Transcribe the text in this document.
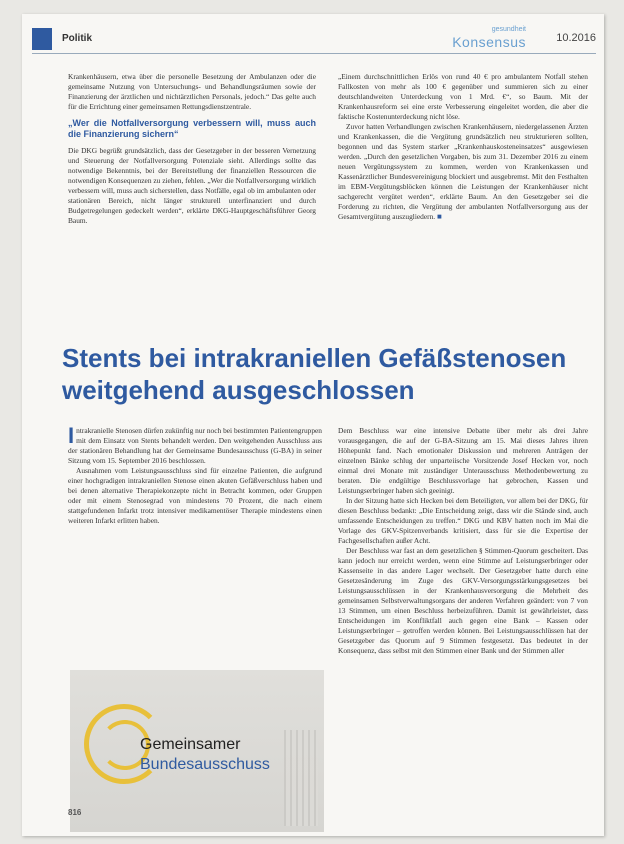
Politik
gesundheit
Konsensus	10.2016

Krankenhäusern, etwa über die personelle Besetzung der Ambulanzen oder die gemeinsame Nutzung von Untersuchungs- und Behandlungsräumen sowie der Finanzierung der ärztlichen und nichtärztlichen Personals, jedoch.“ Das gelte auch für die Errichtung einer gemeinsamen Rettungsdienstzentrale.

„Wer die Notfallversorgung verbessern will, muss auch die Finanzierung sichern“

Die DKG begrüßt grundsätzlich, dass der Gesetzgeber in der besseren Vernetzung und Steuerung der Notfallversorgung Potenziale sieht. Allerdings sollte das notwendige Bekenntnis, bei der Bereitstellung der finanziellen Ressourcen die notwendigen Konsequenzen zu ziehen, fehlen. „Wer die Notfallversorgung wirklich verbessern will, muss auch sicherstellen, dass Notfälle, egal ob im ambulanten oder stationären Bereich, nicht länger strukturell unterfinanziert und durch Budgetregelungen gedeckelt werden“, erklärte DKG-Hauptgeschäftsführer Georg Baum.

„Einem durchschnittlichen Erlös von rund 40 € pro ambulantem Notfall stehen Fallkosten von mehr als 100 € gegenüber und summieren sich zu einer deutschlandweiten Unterdeckung von 1 Mrd. €“, so Baum. Mit der Krankenhausreform sei eine erste Verbesserung eingeleitet worden, die aber die faktische Kostenunterdeckung nicht löse.

Zuvor hatten Verhandlungen zwischen Krankenhäusern, niedergelassenen Ärzten und Krankenkassen, die die Vergütung grundsätzlich neu strukturieren sollten, begonnen und das System starker „Krankenhauskosteneinsatzes“ ausgewiesen werden. „Durch den gesetzlichen Vorgaben, bis zum 31. Dezember 2016 zu einem neuen Vergütungssystem zu kommen, werden von Krankenkassen und Kassenärztlicher Bundesvereinigung blockiert und ausgebremst. Mit den Festhalten im EBM-Vergütungsblöcken können die Leistungen der Krankenhäuser nicht sachgerecht vergütet werden“, erklärte Baum. An den Gesetzgeber sei die Forderung zu richten, die Vergütung der ambulanten Notfallversorgung aus der Gesamtvergütung auszugliedern. ■

Stents bei intrakraniellen Gefäßstenosen weitgehend ausgeschlossen

Intrakranielle Stenosen dürfen zukünftig nur noch bei bestimmten Patientengruppen mit dem Einsatz von Stents behandelt werden. Den weitgehenden Ausschluss aus der stationären Behandlung hat der Gemeinsame Bundesausschuss (G-BA) in seiner Sitzung vom 15. September 2016 beschlossen.

Ausnahmen vom Leistungsausschluss sind für einzelne Patienten, die aufgrund einer hochgradigen intrakraniellen Stenose einen akuten Gefäßverschluss haben und bei denen alternative Therapiekonzepte nicht in Betracht kommen, oder Gruppen oder mit einem Stenosegrad von mindestens 70 Prozent, die nach einem stattgefundenen Infarkt trotz intensiver medikamentöser Therapie mindestens einen weiteren Infarkt erlitten haben.

Gemeinsamer
Bundesausschuss

Dem Beschluss war eine intensive Debatte über mehr als drei Jahre vorausgegangen, die auf der G-BA-Sitzung am 15. Mai dieses Jahres ihren Höhepunkt fand. Nach emotionaler Diskussion und mehreren Anträgen der einzelnen Bänke schlug der unparteiische Vorsitzende Josef Hecken vor, noch einmal drei Monate mit zuständiger Unterausschuss Methodenbewertung zu beraten. Die endgültige Beschlussvorlage hat gebrochen, Kassen und Leistungserbringer haben sich geeinigt.

In der Sitzung hatte sich Hecken bei dem Beteiligten, vor allem bei der DKG, für diesen Beschluss bedankt: „Die Entscheidung zeigt, dass wir die Stände sind, auch umfassende Entscheidungen zu treffen.“ DKG und KBV hatten noch im Mai die Vorlage des GKV-Spitzenverbands kritisiert, dass für sie die Expertise der Fachgesellschaften außer Acht.

Der Beschluss war fast an dem gesetzlichen § Stimmen-Quorum gescheitert. Das kann jedoch nur erreicht werden, wenn eine Stimme auf Leistungserbringer oder Kassenseite in das andere Lager wechselt. Der Gesetzgeber hatte durch eine Gesetzesänderung im Zuge des GKV-Versorgungsstärkungsgesetzes bei Leistungsausschlüssen in der Krankenhausversorgung die Mehrheit des gemeinsamen Selbstverwaltungsorgans der anderen Verfahren geändert: von 7 von 13 Stimmen, um einen Beschluss herbeizuführen. Damit ist gewährleistet, dass Entscheidungen im Konfliktfall auch gegen eine Bank – Kassen oder Leistungserbringer – getroffen werden können. Bei Leistungsausschlüssen hat der Gesetzgeber das Quorum auf 9 Stimmen festgesetzt. Das bedeutet in der Konsequenz, dass selbst mit den Stimmen einer Bank und der Stimmen aller

816
